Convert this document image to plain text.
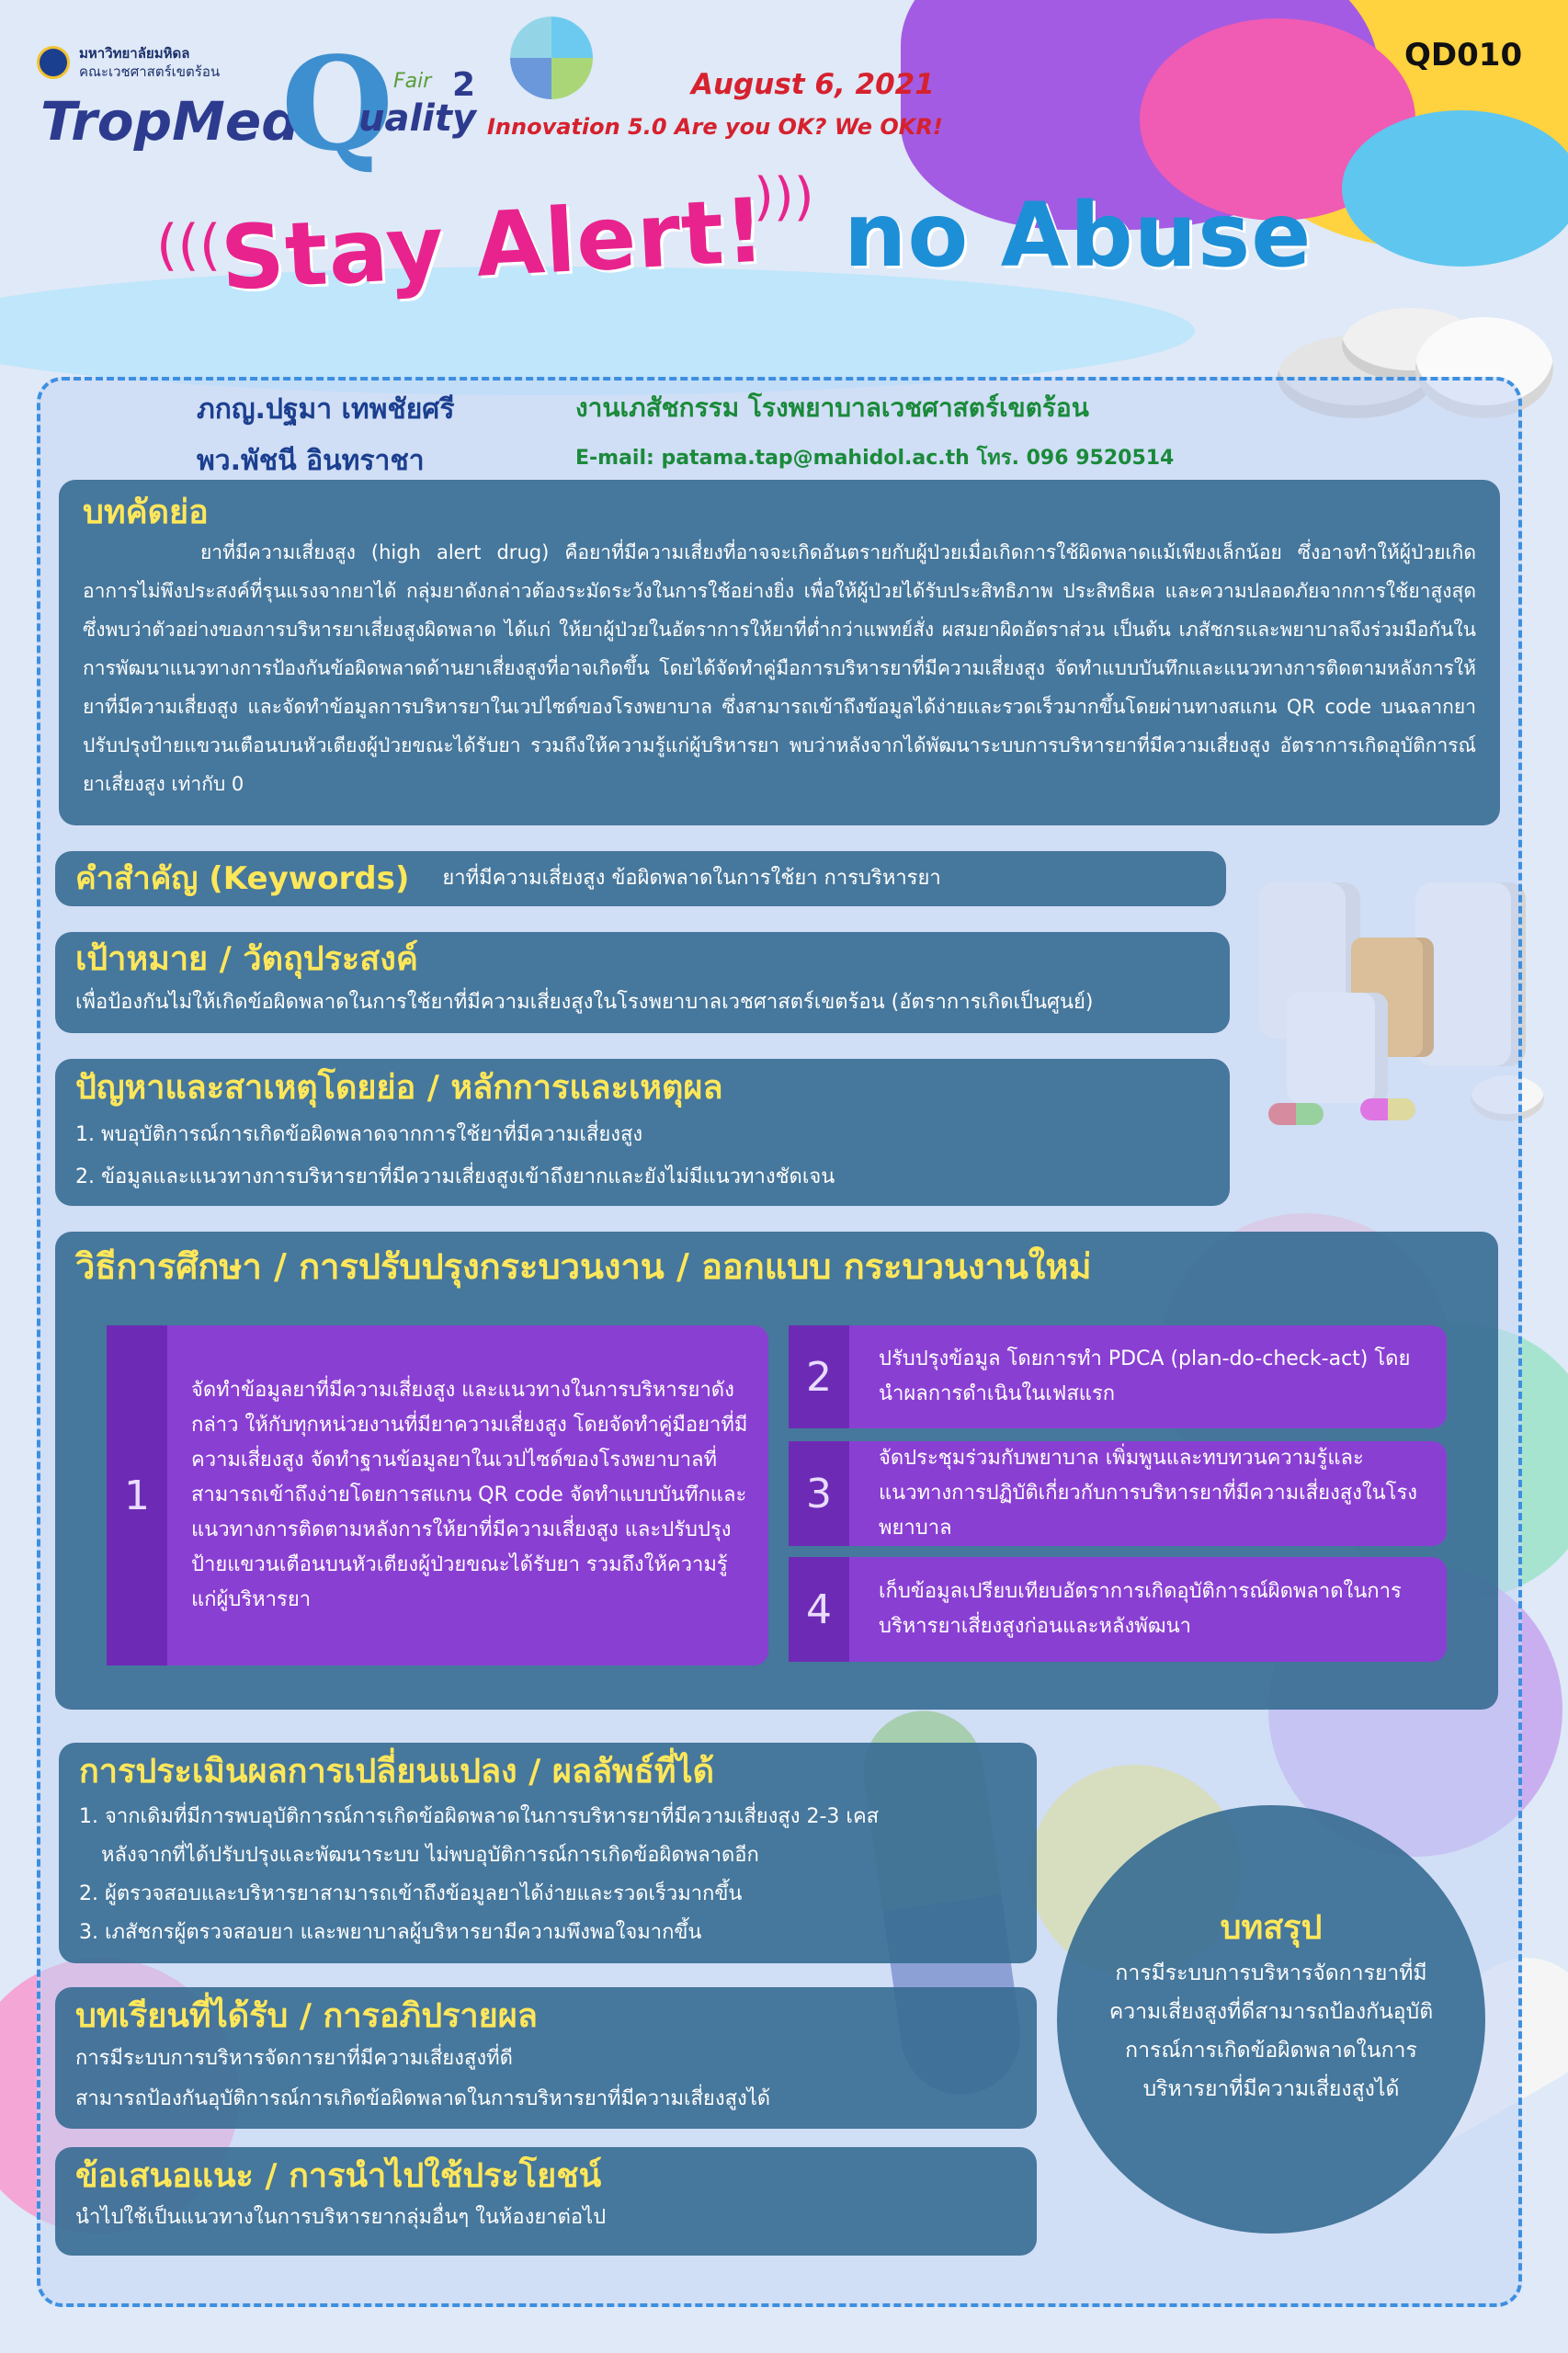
มหาวิทยาลัยมหิดล
คณะเวชศาสตร์เขตร้อน
TropMed
Q
uality
Fair 2	August 6, 2021
Innovation 5.0 Are you OK? We OKR!
QD010
(((
Stay Alert!
))) no Abuse
ภกญ.ปฐมา เทพชัยศรี
พว.พัชนี อินทราชา
งานเภสัชกรรม โรงพยาบาลเวชศาสตร์เขตร้อน
E-mail: patama.tap@mahidol.ac.th โทร. 096 9520514
บทคัดย่อ

ยาที่มีความเสี่ยงสูง (high alert drug) คือยาที่มีความเสี่ยงที่อาจจะเกิดอันตรายกับผู้ป่วยเมื่อเกิดการใช้ผิดพลาดแม้เพียงเล็กน้อย ซึ่งอาจทำให้ผู้ป่วยเกิดอาการไม่พึงประสงค์ที่รุนแรงจากยาได้ กลุ่มยาดังกล่าวต้องระมัดระวังในการใช้อย่างยิ่ง เพื่อให้ผู้ป่วยได้รับประสิทธิภาพ ประสิทธิผล และความปลอดภัยจากการใช้ยาสูงสุด ซึ่งพบว่าตัวอย่างของการบริหารยาเสี่ยงสูงผิดพลาด ได้แก่ ให้ยาผู้ป่วยในอัตราการให้ยาที่ต่ำกว่าแพทย์สั่ง ผสมยาผิดอัตราส่วน เป็นต้น เภสัชกรและพยาบาลจึงร่วมมือกันในการพัฒนาแนวทางการป้องกันข้อผิดพลาดด้านยาเสี่ยงสูงที่อาจเกิดขึ้น โดยได้จัดทำคู่มือการบริหารยาที่มีความเสี่ยงสูง จัดทำแบบบันทึกและแนวทางการติดตามหลังการให้ยาที่มีความเสี่ยงสูง และจัดทำข้อมูลการบริหารยาในเวปไซต์ของโรงพยาบาล ซึ่งสามารถเข้าถึงข้อมูลได้ง่ายและรวดเร็วมากขึ้นโดยผ่านทางสแกน QR code บนฉลากยา ปรับปรุงป้ายแขวนเตือนบนหัวเตียงผู้ป่วยขณะได้รับยา รวมถึงให้ความรู้แก่ผู้บริหารยา พบว่าหลังจากได้พัฒนาระบบการบริหารยาที่มีความเสี่ยงสูง อัตราการเกิดอุบัติการณ์ยาเสี่ยงสูง เท่ากับ 0

คำสำคัญ (Keywords) ยาที่มีความเสี่ยงสูง ข้อผิดพลาดในการใช้ยา การบริหารยา

เป้าหมาย / วัตถุประสงค์

เพื่อป้องกันไม่ให้เกิดข้อผิดพลาดในการใช้ยาที่มีความเสี่ยงสูงในโรงพยาบาลเวชศาสตร์เขตร้อน (อัตราการเกิดเป็นศูนย์)

ปัญหาและสาเหตุโดยย่อ / หลักการและเหตุผล
1. พบอุบัติการณ์การเกิดข้อผิดพลาดจากการใช้ยาที่มีความเสี่ยงสูง
2. ข้อมูลและแนวทางการบริหารยาที่มีความเสี่ยงสูงเข้าถึงยากและยังไม่มีแนวทางชัดเจน
วิธีการศึกษา / การปรับปรุงกระบวนงาน / ออกแบบ กระบวนงานใหม่
1
จัดทำข้อมูลยาที่มีความเสี่ยงสูง และแนวทางในการบริหารยาดังกล่าว ให้กับทุกหน่วยงานที่มียาความเสี่ยงสูง โดยจัดทำคู่มือยาที่มีความเสี่ยงสูง จัดทำฐานข้อมูลยาในเวปไซด์ของโรงพยาบาลที่สามารถเข้าถึงง่ายโดยการสแกน QR code จัดทำแบบบันทึกและแนวทางการติดตามหลังการให้ยาที่มีความเสี่ยงสูง และปรับปรุงป้ายแขวนเตือนบนหัวเตียงผู้ป่วยขณะได้รับยา รวมถึงให้ความรู้แก่ผู้บริหารยา
2	ปรับปรุงข้อมูล โดยการทำ PDCA (plan-do-check-act) โดยนำผลการดำเนินในเฟสแรก
3
จัดประชุมร่วมกับพยาบาล เพิ่มพูนและทบทวนความรู้และแนวทางการปฏิบัติเกี่ยวกับการบริหารยาที่มีความเสี่ยงสูงในโรงพยาบาล
4	เก็บข้อมูลเปรียบเทียบอัตราการเกิดอุบัติการณ์ผิดพลาดในการบริหารยาเสี่ยงสูงก่อนและหลังพัฒนา
การประเมินผลการเปลี่ยนแปลง / ผลลัพธ์ที่ได้
1. จากเดิมที่มีการพบอุบัติการณ์การเกิดข้อผิดพลาดในการบริหารยาที่มีความเสี่ยงสูง 2-3 เคส
หลังจากที่ได้ปรับปรุงและพัฒนาระบบ ไม่พบอุบัติการณ์การเกิดข้อผิดพลาดอีก
2. ผู้ตรวจสอบและบริหารยาสามารถเข้าถึงข้อมูลยาได้ง่ายและรวดเร็วมากขึ้น
3. เภสัชกรผู้ตรวจสอบยา และพยาบาลผู้บริหารยามีความพึงพอใจมากขึ้น
บทเรียนที่ได้รับ / การอภิปรายผล

การมีระบบการบริหารจัดการยาที่มีความเสี่ยงสูงที่ดี

สามารถป้องกันอุบัติการณ์การเกิดข้อผิดพลาดในการบริหารยาที่มีความเสี่ยงสูงได้

ข้อเสนอแนะ / การนำไปใช้ประโยชน์

นำไปใช้เป็นแนวทางในการบริหารยากลุ่มอื่นๆ ในห้องยาต่อไป

บทสรุป
การมีระบบการบริหารจัดการยาที่มีความเสี่ยงสูงที่ดีสามารถป้องกันอุบัติการณ์การเกิดข้อผิดพลาดในการบริหารยาที่มีความเสี่ยงสูงได้
